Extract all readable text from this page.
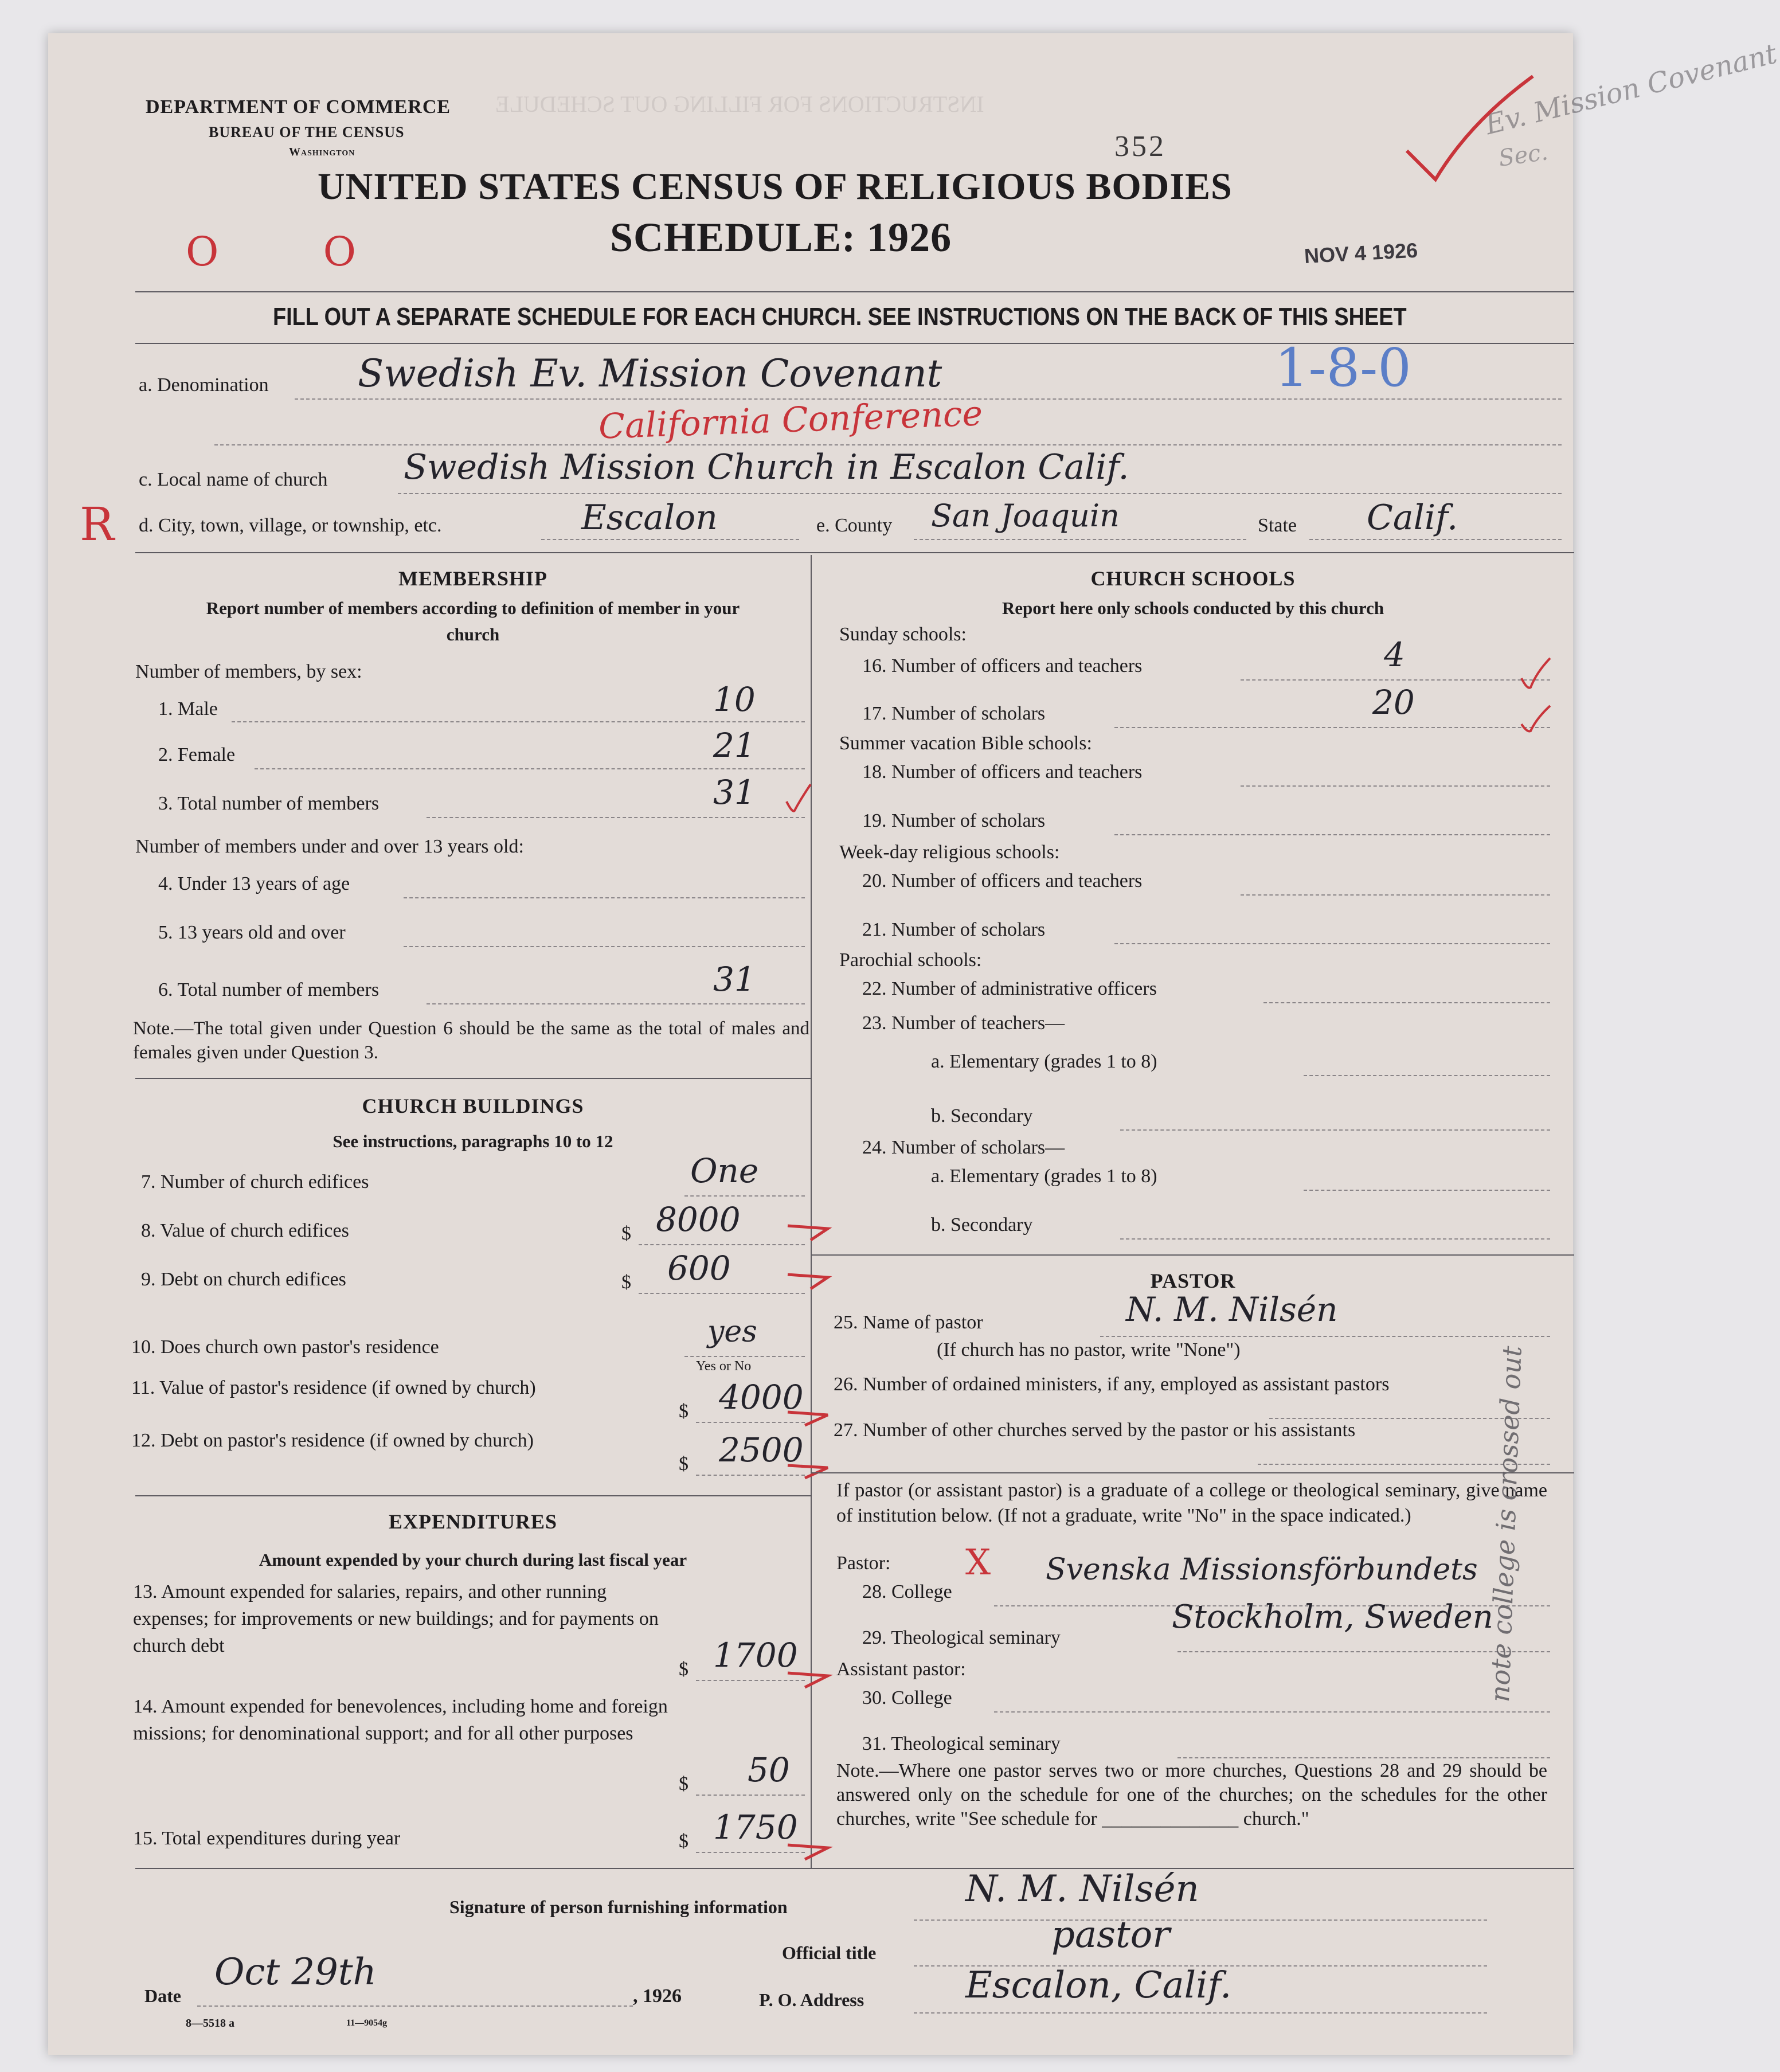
INSTRUCTIONS FOR FILLING OUT SCHEDULE
DEPARTMENT OF COMMERCE
BUREAU OF THE CENSUS
Washington	352
UNITED STATES CENSUS OF RELIGIOUS BODIES
SCHEDULE: 1926	NOV 4 1926
O O
Ev. Mission Covenant
Sec.
FILL OUT A SEPARATE SCHEDULE FOR EACH CHURCH. SEE INSTRUCTIONS ON THE BACK OF THIS SHEET
a. Denomination Swedish Ev. Mission Covenant	1-8-0
California Conference
c. Local name of church Swedish Mission Church in Escalon Calif.
R d. City, town, village, or township, etc.	Escalon	e. County San Joaquin	State Calif.
MEMBERSHIP
Report number of members according to definition of member in your church
Number of members, by sex:
1. Male	10
2. Female	21
3. Total number of members	31
Number of members under and over 13 years old:
4. Under 13 years of age
5. 13 years old and over
6. Total number of members	31
Note.—The total given under Question 6 should be the same as the total of males and females given under Question 3.
CHURCH BUILDINGS
See instructions, paragraphs 10 to 12
7. Number of church edifices	One
8. Value of church edifices	$ 8000
9. Debt on church edifices	$ 600
10. Does church own pastor's residence	yes
Yes or No
11. Value of pastor's residence (if owned by church)
$ 4000
12. Debt on pastor's residence (if owned by church)
$ 2500
EXPENDITURES
Amount expended by your church during last fiscal year
13. Amount expended for salaries, repairs, and other running expenses; for improvements or new buildings; and for payments on church debt
$ 1700
14. Amount expended for benevolences, including home and foreign missions; for denominational support; and for all other purposes
$ 50
15. Total expenditures during year	$ 1750
CHURCH SCHOOLS
Report here only schools conducted by this church
Sunday schools:
16. Number of officers and teachers	4
17. Number of scholars	20
Summer vacation Bible schools:
18. Number of officers and teachers
19. Number of scholars
Week-day religious schools:
20. Number of officers and teachers
21. Number of scholars
Parochial schools:
22. Number of administrative officers
23. Number of teachers—
a. Elementary (grades 1 to 8)
b. Secondary
24. Number of scholars—
a. Elementary (grades 1 to 8)
b. Secondary
PASTOR
25. Name of pastor	N. M. Nilsén
(If church has no pastor, write "None")
26. Number of ordained ministers, if any, employed as assistant pastors
27. Number of other churches served by the pastor or his assistants
If pastor (or assistant pastor) is a graduate of a college or theological seminary, give name of institution below. (If not a graduate, write "No" in the space indicated.)
Pastor:
28. College
Svenska Missionsförbundets
X
29. Theological seminary
Stockholm, Sweden
Assistant pastor:
30. College
31. Theological seminary
Note.—Where one pastor serves two or more churches, Questions 28 and 29 should be answered only on the schedule for one of the churches; on the schedules for the other churches, write "See schedule for ______________ church."
note college is crossed out
Signature of person furnishing information	N. M. Nilsén
Official title	pastor
P. O. Address	Escalon, Calif.
Date
Oct 29th
, 1926
8—5518 a	11—9054g
